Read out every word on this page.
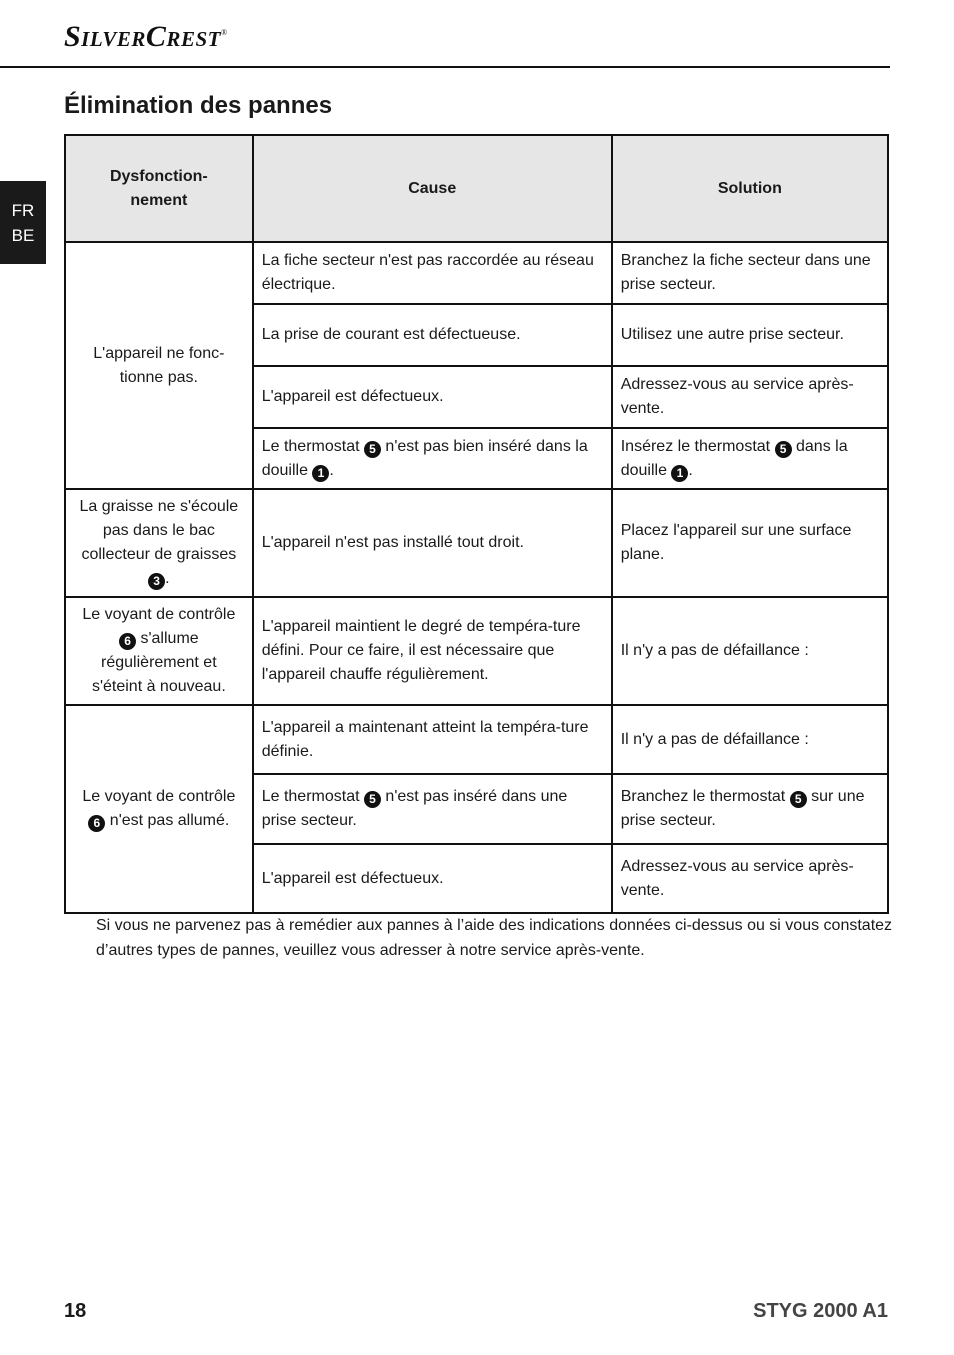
SilverCrest®
Élimination des pannes
FR
BE
Dysfonction-
nement	Cause	Solution
L'appareil ne fonc-tionne pas.	La fiche secteur n'est pas raccordée au réseau électrique.	Branchez la fiche secteur dans une prise secteur.
	La prise de courant est défectueuse.	Utilisez une autre prise secteur.
	L'appareil est défectueux.	Adressez-vous au service après-vente.
	Le thermostat 5 n'est pas bien inséré dans la douille 1 .	Insérez le thermostat 5 dans la douille 1 .
La graisse ne s'écoule pas dans le bac collecteur de graisses 3 .	L'appareil n'est pas installé tout droit.	Placez l'appareil sur une surface plane.
Le voyant de contrôle 6 s'allume régulièrement et s'éteint à nouveau.	L'appareil maintient le degré de tempéra-ture défini. Pour ce faire, il est nécessaire que l'appareil chauffe régulièrement.	Il n'y a pas de défaillance :
Le voyant de contrôle 6 n'est pas allumé.	L'appareil a maintenant atteint la tempéra-ture définie.	Il n'y a pas de défaillance :
	Le thermostat 5 n'est pas inséré dans une prise secteur.	Branchez le thermostat 5 sur une prise secteur.
	L'appareil est défectueux.	Adressez-vous au service après-vente.

Si vous ne parvenez pas à remédier aux pannes à l’aide des indications données ci-dessus ou si vous constatez d’autres types de pannes, veuillez vous adresser à notre service après-vente.

18	STYG 2000 A1
